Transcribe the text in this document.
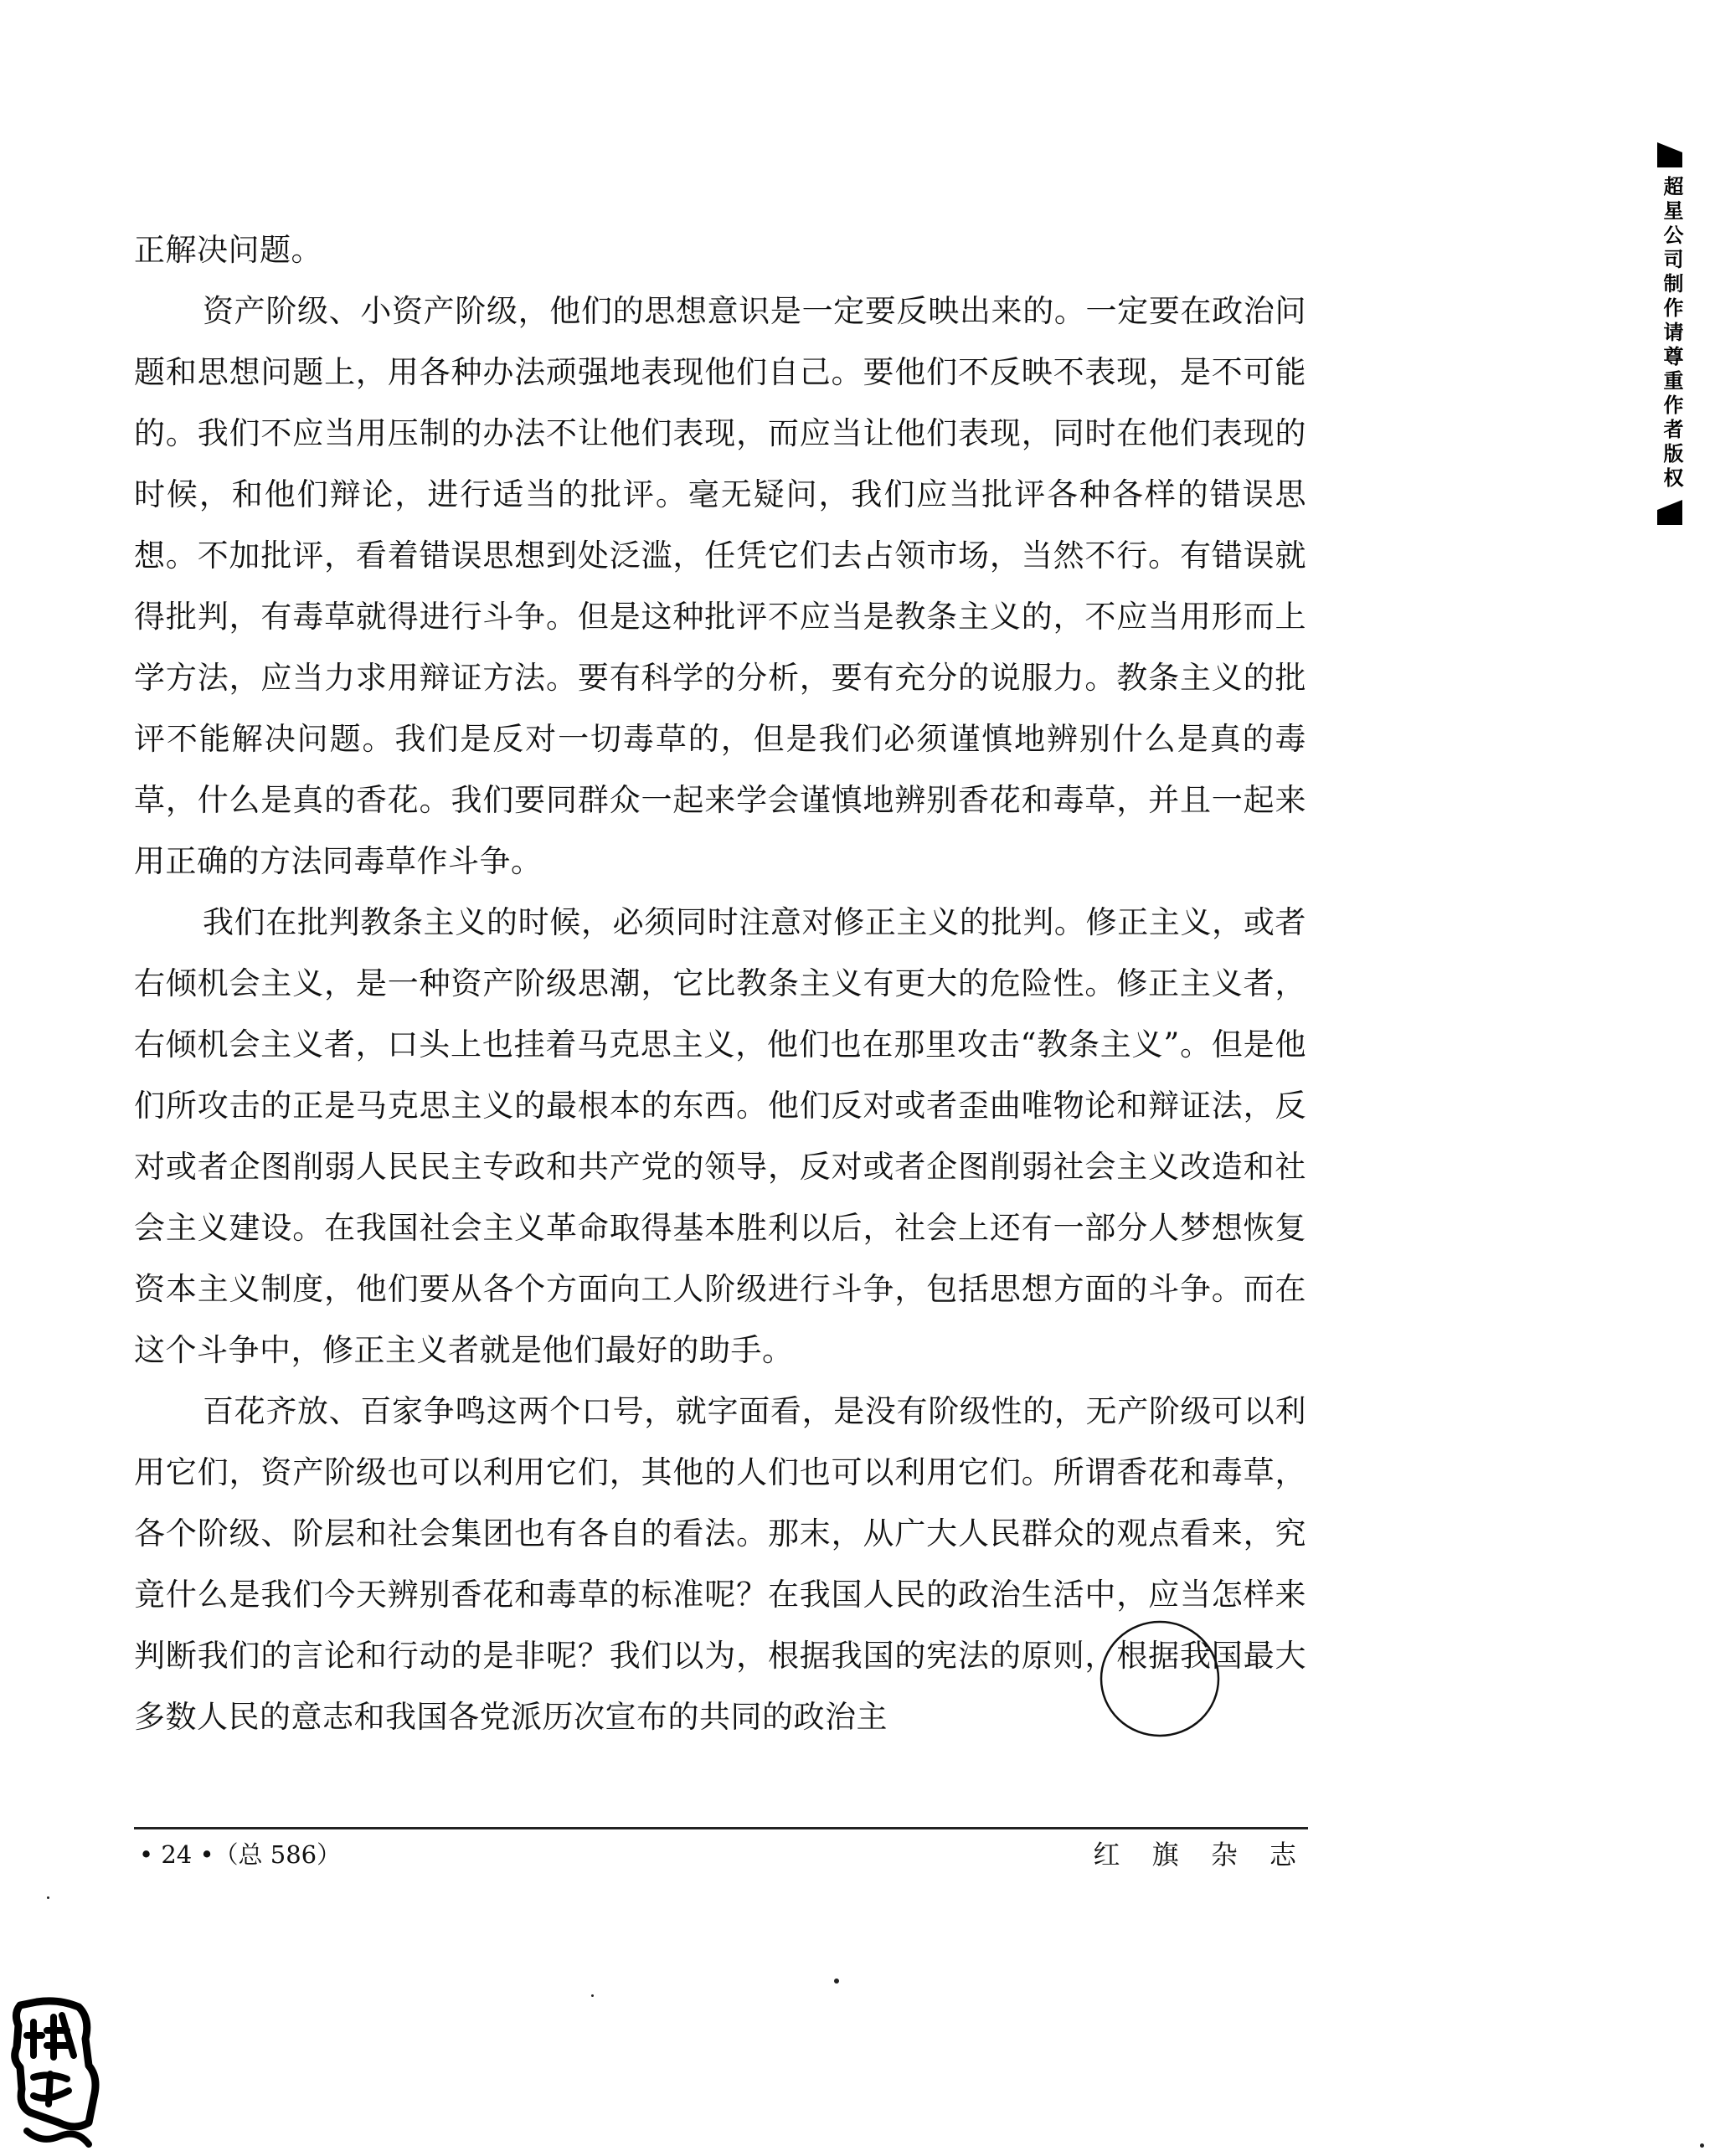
正解决问题。

资产阶级、小资产阶级，他们的思想意识是一定要反映出来的。一定要在政治问题和思想问题上，用各种办法顽强地表现他们自己。要他们不反映不表现，是不可能的。我们不应当用压制的办法不让他们表现，而应当让他们表现，同时在他们表现的时候，和他们辩论，进行适当的批评。毫无疑问，我们应当批评各种各样的错误思想。不加批评，看着错误思想到处泛滥，任凭它们去占领市场，当然不行。有错误就得批判，有毒草就得进行斗争。但是这种批评不应当是教条主义的，不应当用形而上学方法，应当力求用辩证方法。要有科学的分析，要有充分的说服力。教条主义的批评不能解决问题。我们是反对一切毒草的，但是我们必须谨慎地辨别什么是真的毒草，什么是真的香花。我们要同群众一起来学会谨慎地辨别香花和毒草，并且一起来用正确的方法同毒草作斗争。

我们在批判教条主义的时候，必须同时注意对修正主义的批判。修正主义，或者右倾机会主义，是一种资产阶级思潮，它比教条主义有更大的危险性。修正主义者，右倾机会主义者，口头上也挂着马克思主义，他们也在那里攻击“教条主义”。但是他们所攻击的正是马克思主义的最根本的东西。他们反对或者歪曲唯物论和辩证法，反对或者企图削弱人民民主专政和共产党的领导，反对或者企图削弱社会主义改造和社会主义建设。在我国社会主义革命取得基本胜利以后，社会上还有一部分人梦想恢复资本主义制度，他们要从各个方面向工人阶级进行斗争，包括思想方面的斗争。而在这个斗争中，修正主义者就是他们最好的助手。

百花齐放、百家争鸣这两个口号，就字面看，是没有阶级性的，无产阶级可以利用它们，资产阶级也可以利用它们，其他的人们也可以利用它们。所谓香花和毒草，各个阶级、阶层和社会集团也有各自的看法。那末，从广大人民群众的观点看来，究竟什么是我们今天辨别香花和毒草的标准呢？在我国人民的政治生活中，应当怎样来判断我们的言论和行动的是非呢？我们以为，根据我国的宪法的原则，根据我国最大多数人民的意志和我国各党派历次宣布的共同的政治主

• 24 •（总 586）	红 旗 杂 志
超星公司制作请尊重作者版权
